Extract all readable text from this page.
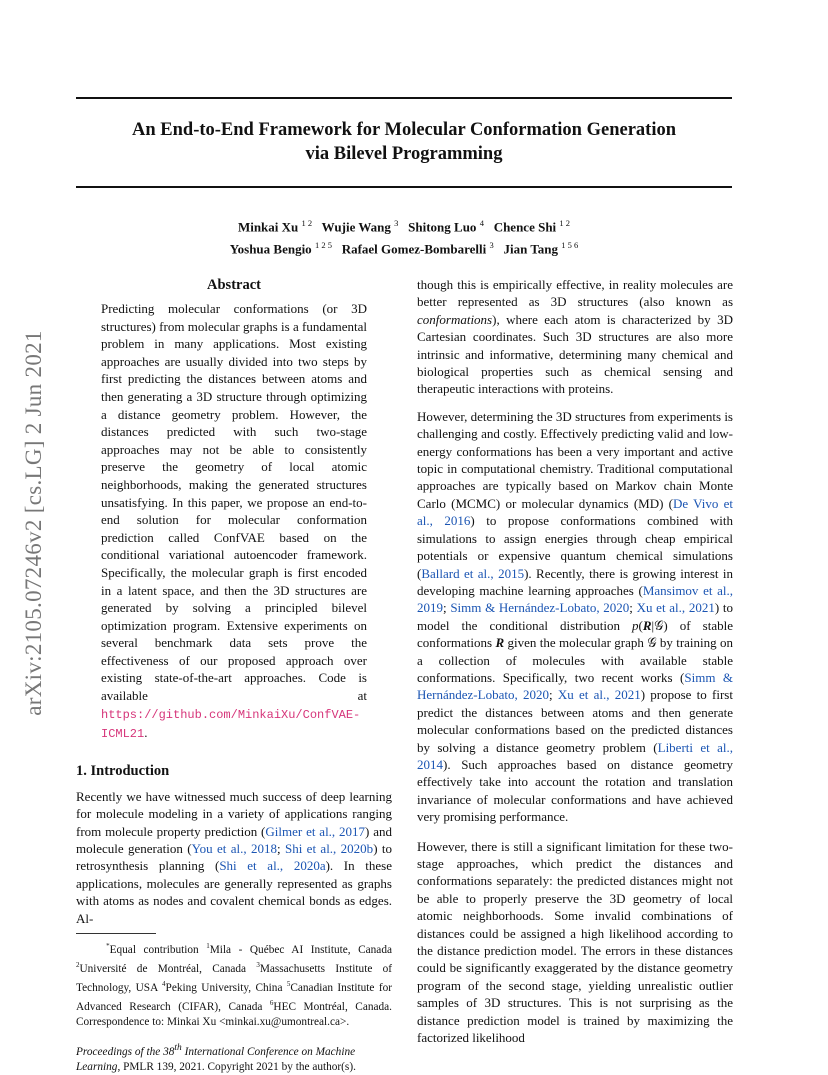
arXiv:2105.07246v2 [cs.LG] 2 Jun 2021
An End-to-End Framework for Molecular Conformation Generation
via Bilevel Programming
Minkai Xu $^{1 2}$ Wujie Wang $^3$ Shitong Luo $^4$ Chence Shi $^{1 2}$
Yoshua Bengio $^{1 2 5}$ Rafael Gomez-Bombarelli $^3$ Jian Tang $^{1 5 6}$
Abstract
Predicting molecular conformations (or 3D structures) from molecular graphs is a fundamental problem in many applications. Most existing approaches are usually divided into two steps by first predicting the distances between atoms and then generating a 3D structure through optimizing a distance geometry problem. However, the distances predicted with such two-stage approaches may not be able to consistently preserve the geometry of local atomic neighborhoods, making the generated structures unsatisfying. In this paper, we propose an end-to-end solution for molecular conformation prediction called ConfVAE based on the conditional variational autoencoder framework. Specifically, the molecular graph is first encoded in a latent space, and then the 3D structures are generated by solving a principled bilevel optimization program. Extensive experiments on several benchmark data sets prove the effectiveness of our proposed approach over existing state-of-the-art approaches. Code is available at https://github.com/MinkaiXu/ConfVAE-ICML21.
1. Introduction

Recently we have witnessed much success of deep learning for molecule modeling in a variety of applications ranging from molecule property prediction (Gilmer et al., 2017) and molecule generation (You et al., 2018; Shi et al., 2020b) to retrosynthesis planning (Shi et al., 2020a). In these applications, molecules are generally represented as graphs with atoms as nodes and covalent chemical bonds as edges. Al-

*Equal contribution $^1$Mila - Québec AI Institute, Canada $^2$Université de Montréal, Canada $^3$Massachusetts Institute of Technology, USA $^4$Peking University, China $^5$Canadian Institute for Advanced Research (CIFAR), Canada $^6$HEC Montréal, Canada. Correspondence to: Minkai Xu <minkai.xu@umontreal.ca>.

Proceedings of the 38th International Conference on Machine Learning, PMLR 139, 2021. Copyright 2021 by the author(s).

though this is empirically effective, in reality molecules are better represented as 3D structures (also known as conformations), where each atom is characterized by 3D Cartesian coordinates. Such 3D structures are also more intrinsic and informative, determining many chemical and biological properties such as chemical sensing and therapeutic interactions with proteins.

However, determining the 3D structures from experiments is challenging and costly. Effectively predicting valid and low-energy conformations has been a very important and active topic in computational chemistry. Traditional computational approaches are typically based on Markov chain Monte Carlo (MCMC) or molecular dynamics (MD) (De Vivo et al., 2016) to propose conformations combined with simulations to assign energies through cheap empirical potentials or expensive quantum chemical simulations (Ballard et al., 2015). Recently, there is growing interest in developing machine learning approaches (Mansimov et al., 2019; Simm & Hernández-Lobato, 2020; Xu et al., 2021) to model the conditional distribution p(R|𝒢) of stable conformations R given the molecular graph 𝒢 by training on a collection of molecules with available stable conformations. Specifically, two recent works (Simm & Hernández-Lobato, 2020; Xu et al., 2021) propose to first predict the distances between atoms and then generate molecular conformations based on the predicted distances by solving a distance geometry problem (Liberti et al., 2014). Such approaches based on distance geometry effectively take into account the rotation and translation invariance of molecular conformations and have achieved very promising performance.

However, there is still a significant limitation for these two-stage approaches, which predict the distances and conformations separately: the predicted distances might not be able to properly preserve the 3D geometry of local atomic neighborhoods. Some invalid combinations of distances could be assigned a high likelihood according to the distance prediction model. The errors in these distances could be significantly exaggerated by the distance geometry program of the second stage, yielding unrealistic outlier samples of 3D structures. This is not surprising as the distance prediction model is trained by maximizing the factorized likelihood
